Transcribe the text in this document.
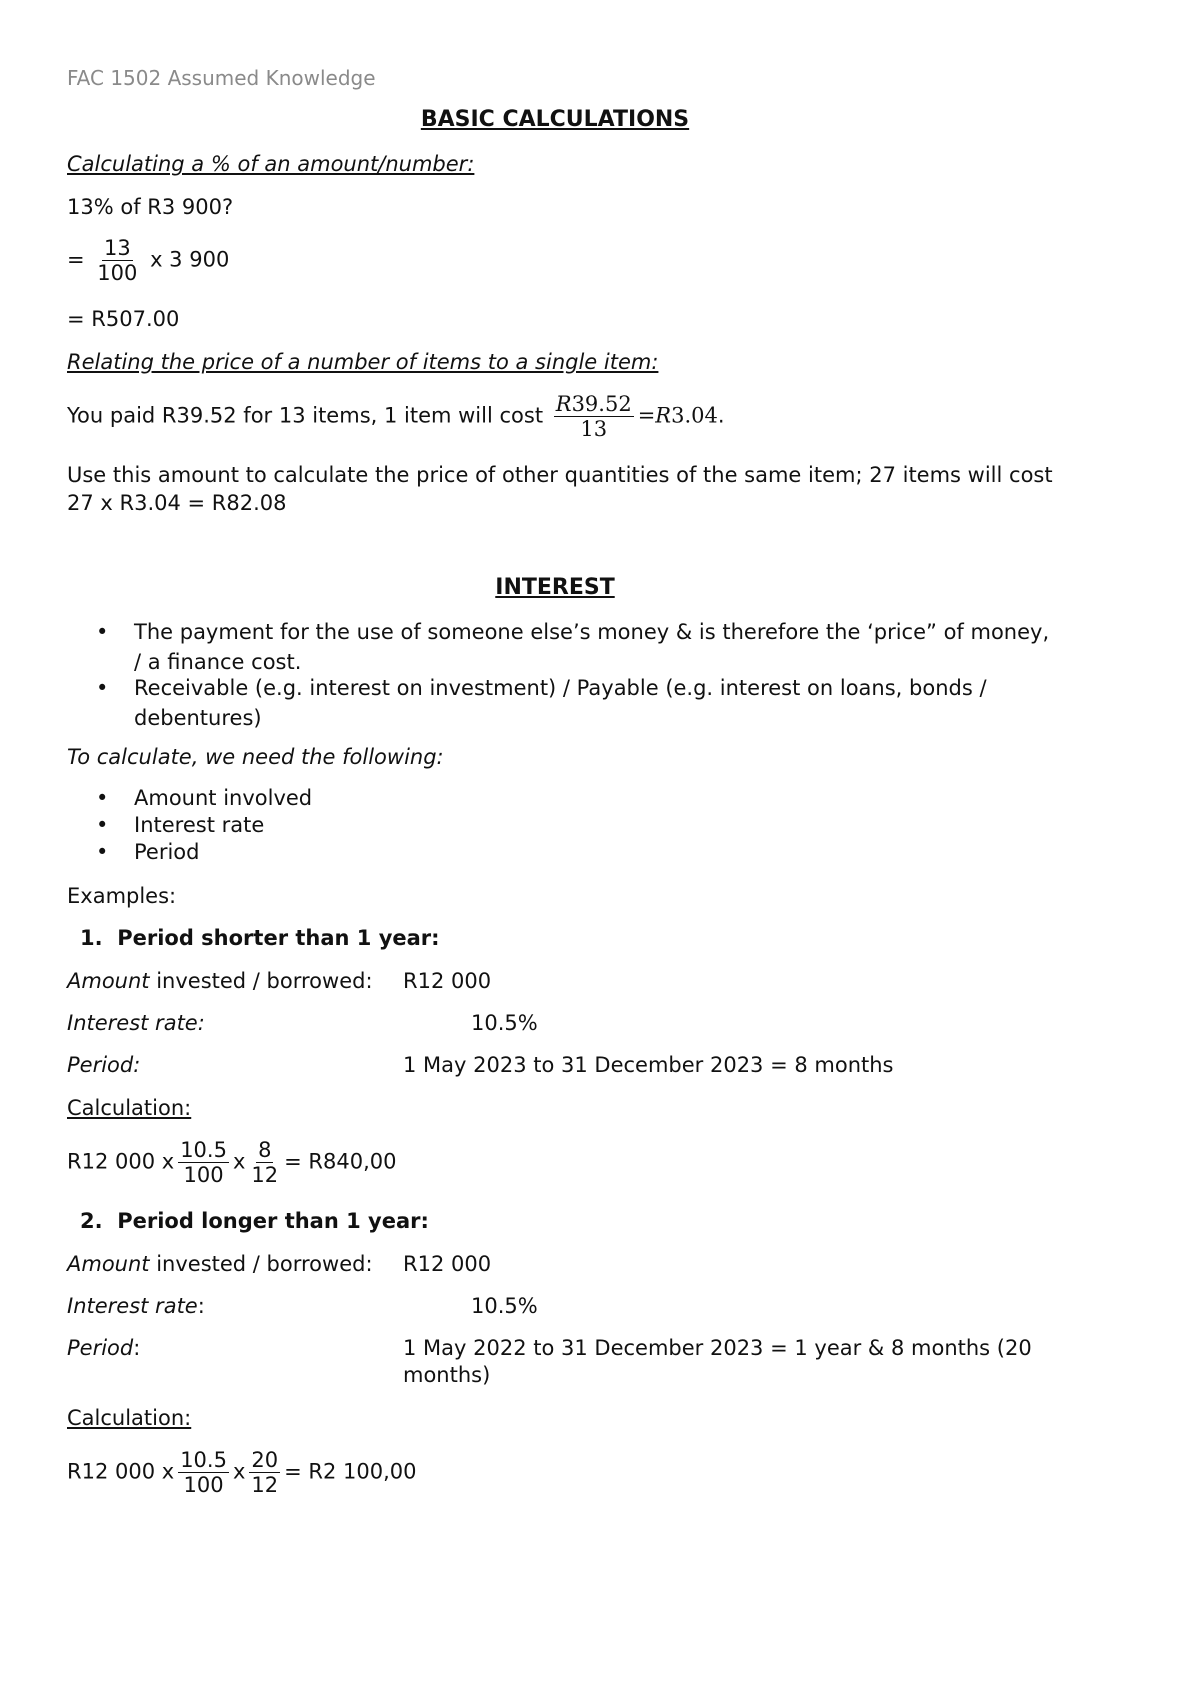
FAC 1502 Assumed Knowledge
BASIC CALCULATIONS
Calculating a % of an amount/number:
13% of R3 900?
= $\frac{13}{100}$ x 3 900
= R507.00
Relating the price of a number of items to a single item:
You paid R39.52 for 13 items, 1 item will cost $\frac{R39.52}{13} =R3.04$.
Use this amount to calculate the price of other quantities of the same item; 27 items will cost
27 x R3.04 = R82.08
INTEREST
• The payment for the use of someone else’s money & is therefore the ‘price” of money, / a finance cost.
• Receivable (e.g. interest on investment) / Payable (e.g. interest on loans, bonds / debentures)
To calculate, we need the following:
• Amount involved
• Interest rate
• Period
Examples:
1. Period shorter than 1 year:
Amount invested / borrowed: R12 000
Interest rate:	10.5%
Period:	1 May 2023 to 31 December 2023 = 8 months
Calculation:
R12 000 x $\frac{10.5}{100}$ x $\frac{8}{12} = R840,00$
2. Period longer than 1 year:
Amount invested / borrowed: R12 000
Interest rate:	10.5%
Period:	1 May 2022 to 31 December 2023 = 1 year & 8 months (20
months)
Calculation:
R12 000 x $\frac{10.5}{100}$ x $\frac{20}{12} = R2$ 100,00
